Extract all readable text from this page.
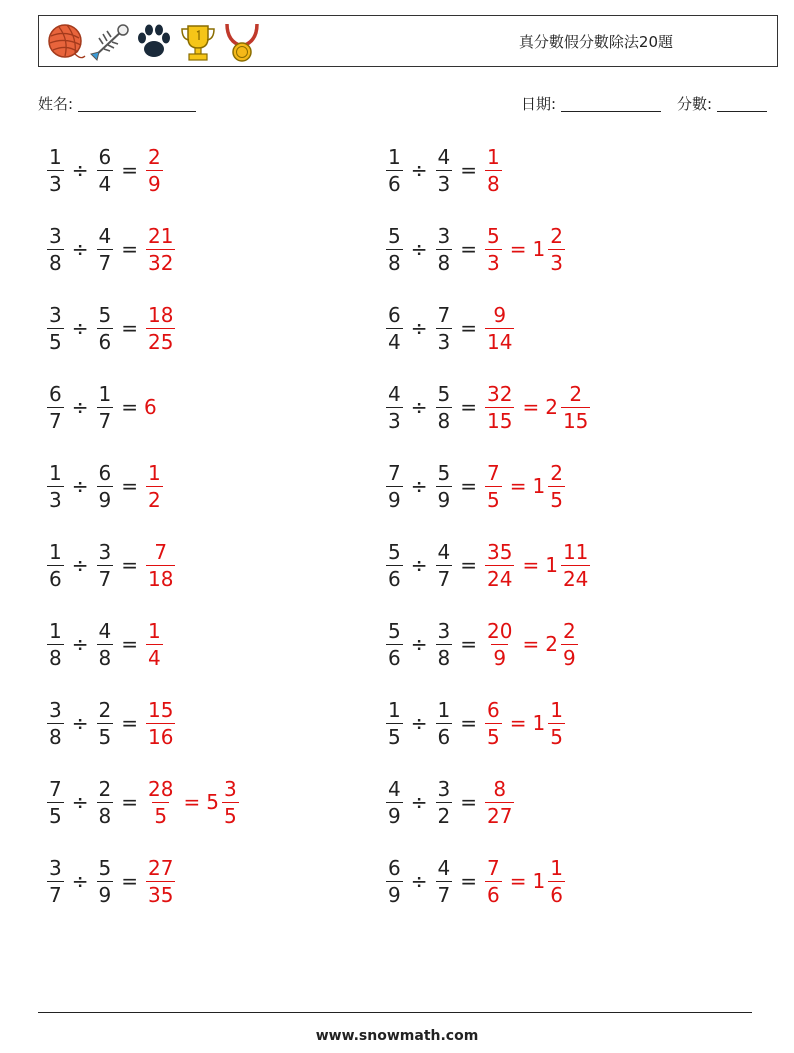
真分數假分數除法20題
姓名:	日期:	分數:
$\frac{1}{3} \div \frac{6}{4} = \frac{2}{9}$	$\frac{1}{6} \div \frac{4}{3} = \frac{1}{8}$
$\frac{3}{8} \div \frac{4}{7} = \frac{21}{32}$	$\frac{5}{8} \div \frac{3}{8} = \frac{5}{3} = 1 \frac{2}{3}$
$\frac{3}{5} \div \frac{5}{6} = \frac{18}{25}$	$\frac{6}{4} \div \frac{7}{3} = \frac{9}{14}$
$\frac{6}{7} \div \frac{1}{7} = 6$	$\frac{4}{3} \div \frac{5}{8} = \frac{32}{15} = 2 \frac{2}{15}$
$\frac{1}{3} \div \frac{6}{9} = \frac{1}{2}$	$\frac{7}{9} \div \frac{5}{9} = \frac{7}{5} = 1 \frac{2}{5}$
$\frac{1}{6} \div \frac{3}{7} = \frac{7}{18}$	$\frac{5}{6} \div \frac{4}{7} = \frac{35}{24} = 1 \frac{11}{24}$
$\frac{1}{8} \div \frac{4}{8} = \frac{1}{4}$	$\frac{5}{6} \div \frac{3}{8} = \frac{20}{9} = 2 \frac{2}{9}$
$\frac{3}{8} \div \frac{2}{5} = \frac{15}{16}$	$\frac{1}{5} \div \frac{1}{6} = \frac{6}{5} = 1 \frac{1}{5}$
$\frac{7}{5} \div \frac{2}{8} = \frac{28}{5} = 5 \frac{3}{5}$	$\frac{4}{9} \div \frac{3}{2} = \frac{8}{27}$
$\frac{3}{7} \div \frac{5}{9} = \frac{27}{35}$	$\frac{6}{9} \div \frac{4}{7} = \frac{7}{6} = 1 \frac{1}{6}$
www.snowmath.com
